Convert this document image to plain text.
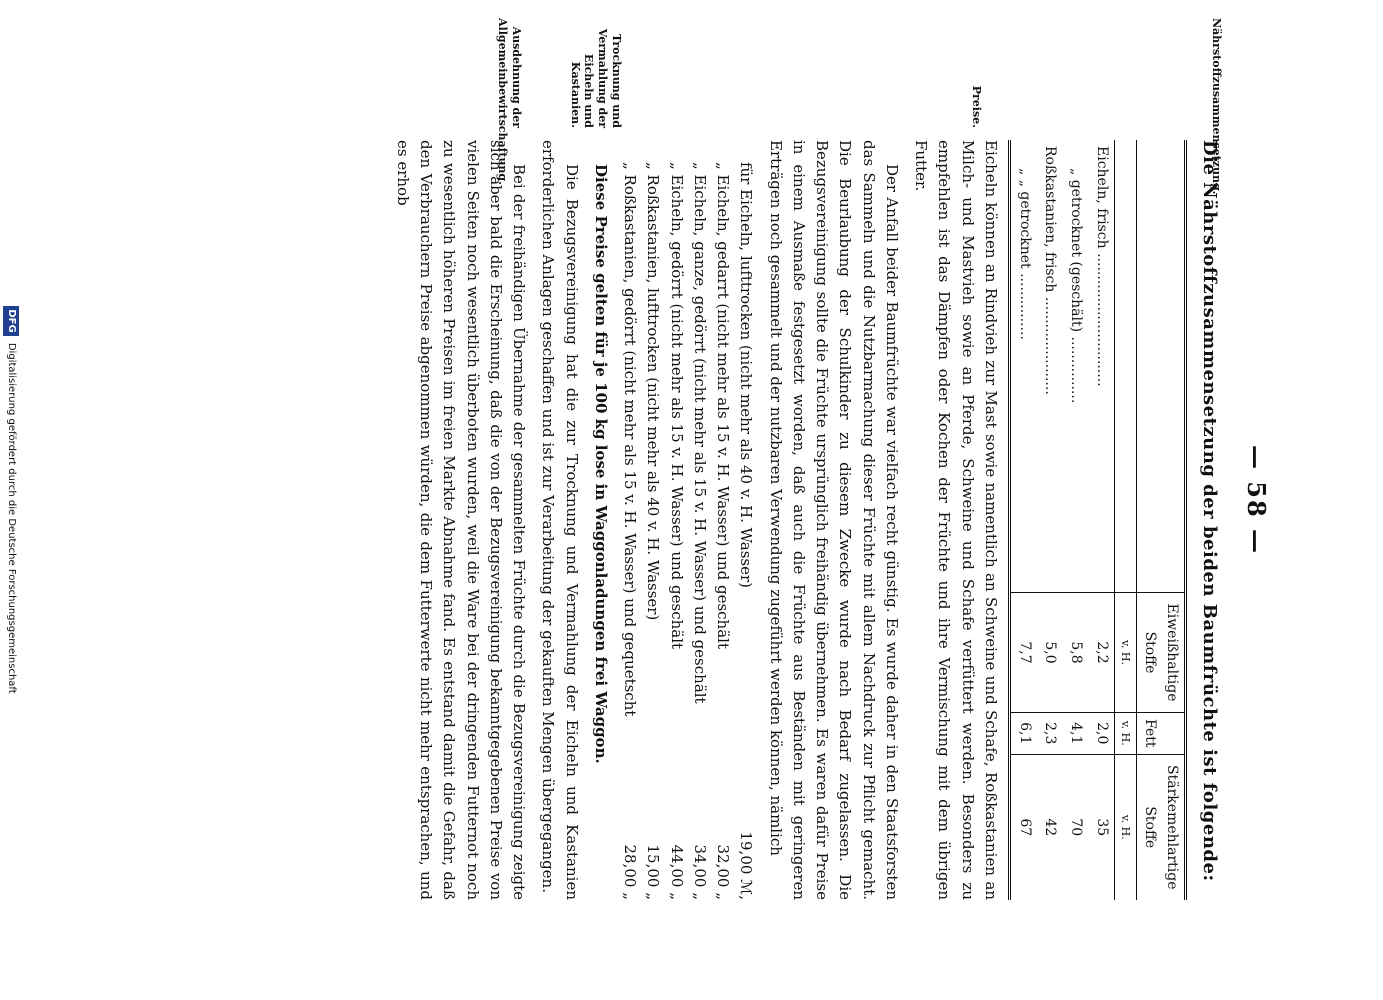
— 58 —
Nährstoffzusammensetzung.
Preise.
Trocknung und Vermahlung der Eicheln und Kastanien.
Ausdehnung der Allgemeinbewirtschaftung.
Die Nährstoffzusammensetzung der beiden Baumfrüchte ist folgende:
	Eiweißhaltige Stoffe	Fett	Stärkemehlartige Stoffe
	v. H.	v. H.	v. H.
Eicheln, frisch ..............................	2,2	2,0	35
„ getrocknet (geschält) ...............	5,8	4,1	70
Roßkastanien, frisch ......................	5,0	2,3	42
„ „ getrocknet ...............	7,7	6,1	67

Eicheln können an Rindvieh zur Mast sowie namentlich an Schweine und Schafe, Roßkastanien an Milch- und Mastvieh sowie an Pferde, Schweine und Schafe verfüttert werden. Besonders zu empfehlen ist das Dämpfen oder Kochen der Früchte und ihre Vermischung mit dem übrigen Futter.

Der Anfall beider Baumfrüchte war vielfach recht günstig. Es wurde daher in den Staatsforsten das Sammeln und die Nutzbarmachung dieser Früchte mit allem Nachdruck zur Pflicht gemacht. Die Beurlaubung der Schulkinder zu diesem Zwecke wurde nach Bedarf zugelassen. Die Bezugsvereinigung sollte die Früchte ursprünglich freihändig übernehmen. Es waren dafür Preise in einem Ausmaße festgesetzt worden, daß auch die Früchte aus Beständen mit geringeren Erträgen noch gesammelt und der nutzbaren Verwendung zugeführt werden können, nämlich

für Eicheln, lufttrocken (nicht mehr als 40 v. H. Wasser)
19,00 ℳ,
„ Eicheln, gedarrt (nicht mehr als 15 v. H. Wasser) und geschält
32,00 „
„ Eicheln, ganze, gedörrt (nicht mehr als 15 v. H. Wasser) und geschält
34,00 „
„ Eicheln, gedörrt (nicht mehr als 15 v. H. Wasser) und geschält
44,00 „
„ Roßkastanien, lufttrocken (nicht mehr als 40 v. H. Wasser)
15,00 „
„ Roßkastanien, gedörrt (nicht mehr als 15 v. H. Wasser) und gequetscht
28,00 „

Diese Preise gelten für je 100 kg lose in Waggonladungen frei Waggon.

Die Bezugsvereinigung hat die zur Trocknung und Vermahlung der Eicheln und Kastanien erforderlichen Anlagen geschaffen und ist zur Verarbeitung der gekauften Mengen übergegangen.

Bei der freihändigen Übernahme der gesammelten Früchte durch die Bezugsvereinigung zeigte sich aber bald die Erscheinung, daß die von der Bezugsvereinigung bekanntgegebenen Preise von vielen Seiten noch wesentlich überboten wurden, weil die Ware bei der dringenden Futternot noch zu wesentlich höheren Preisen im freien Markte Abnahme fand. Es entstand damit die Gefahr, daß den Verbrauchern Preise abgenommen würden, die dem Futterwerte nicht mehr entsprachen, und es erhob

DFG Digitalisierung gefördert durch die Deutsche Forschungsgemeinschaft
